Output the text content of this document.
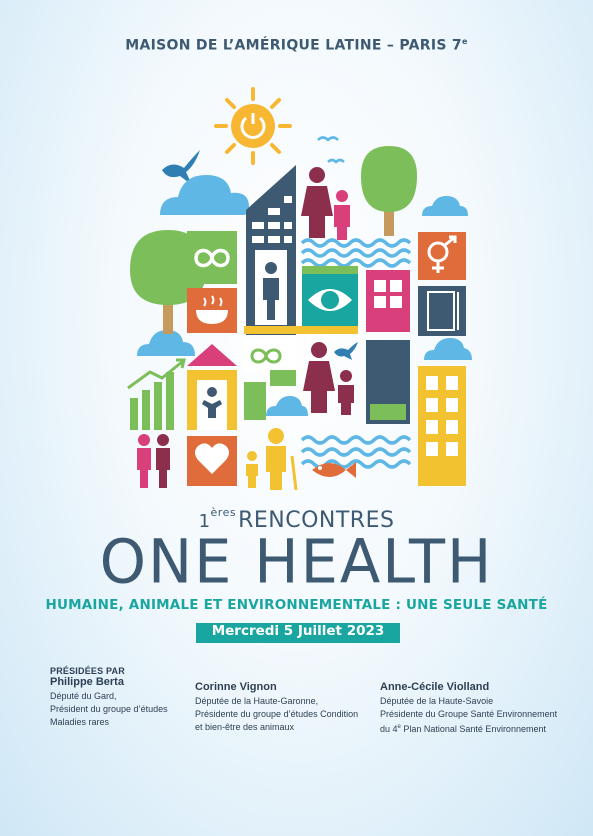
MAISON DE L’AMÉRIQUE LATINE – PARIS 7e
1èresRENCONTRES
ONE HEALTH
HUMAINE, ANIMALE ET ENVIRONNEMENTALE : UNE SEULE SANTÉ
Mercredi 5 Juillet 2023
PRÉSIDÉES PAR
Philippe Berta
Député du Gard,
Président du groupe d’études
Maladies rares
Corinne Vignon
Députée de la Haute-Garonne,
Présidente du groupe d’études Condition
et bien-être des animaux
Anne-Cécile Violland
Députée de la Haute-Savoie
Présidente du Groupe Santé Environnement
du 4e Plan National Santé Environnement
